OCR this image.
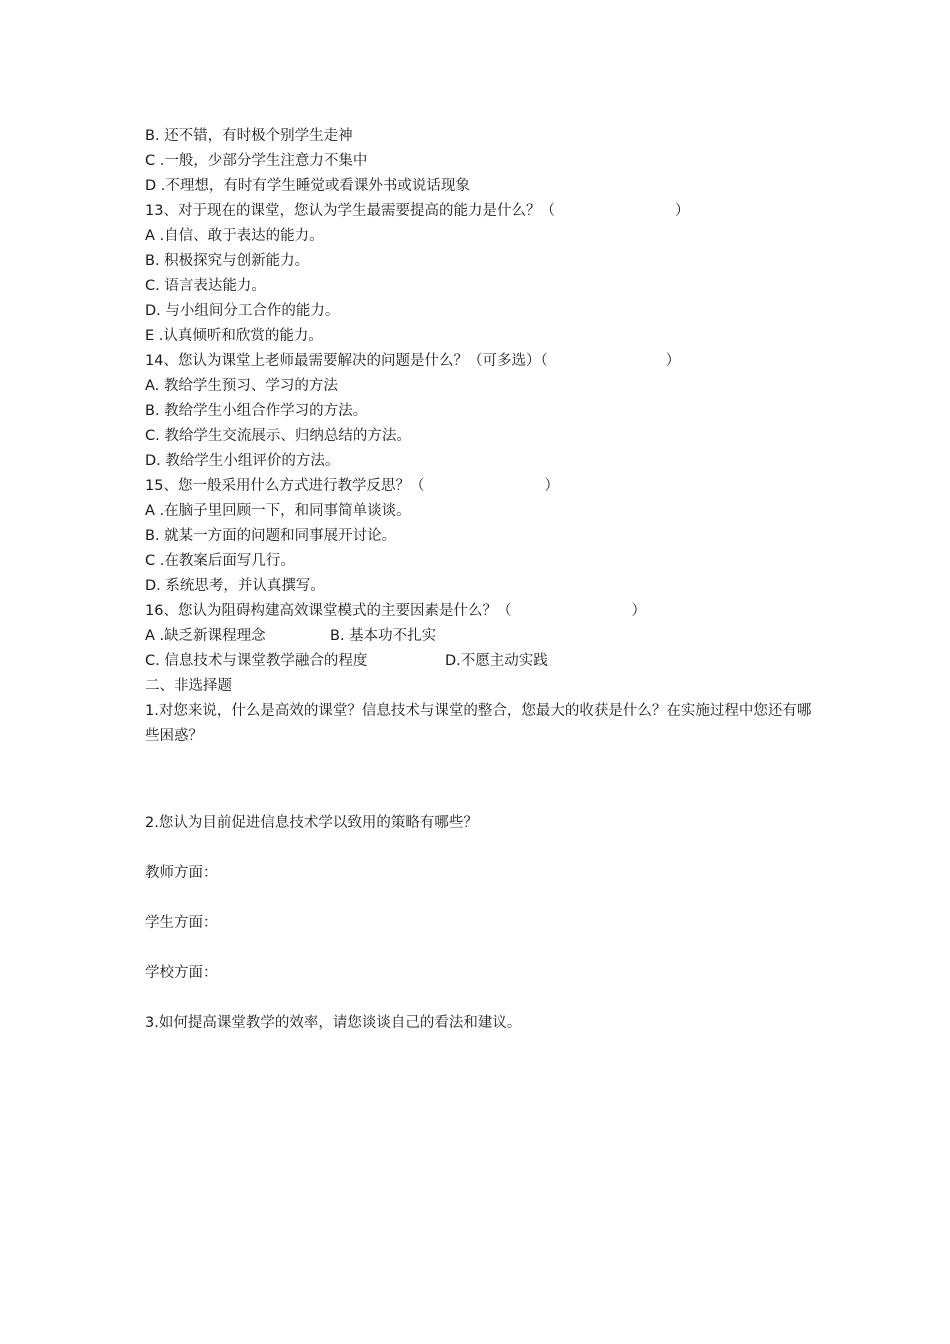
B. 还不错，有时极个别学生走神
C .一般，少部分学生注意力不集中
D .不理想，有时有学生睡觉或看课外书或说话现象
13、对于现在的课堂，您认为学生最需要提高的能力是什么？（	）
A .自信、敢于表达的能力。
B. 积极探究与创新能力。
C. 语言表达能力。
D. 与小组间分工合作的能力。
E .认真倾听和欣赏的能力。
14、您认为课堂上老师最需要解决的问题是什么？（可多选）（	）
A. 教给学生预习、学习的方法
B. 教给学生小组合作学习的方法。
C. 教给学生交流展示、归纳总结的方法。
D. 教给学生小组评价的方法。
15、您一般采用什么方式进行教学反思？（	）
A .在脑子里回顾一下，和同事简单谈谈。
B. 就某一方面的问题和同事展开讨论。
C .在教案后面写几行。
D. 系统思考，并认真撰写。
16、您认为阻碍构建高效课堂模式的主要因素是什么？（	）
A .缺乏新课程理念	B. 基本功不扎实
C. 信息技术与课堂教学融合的程度	D.不愿主动实践
二、非选择题
1.对您来说，什么是高效的课堂？信息技术与课堂的整合，您最大的收获是什么？在实施过程中您还有哪些困惑？
2.您认为目前促进信息技术学以致用的策略有哪些？
教师方面：
学生方面：
学校方面：
3.如何提高课堂教学的效率，请您谈谈自己的看法和建议。
